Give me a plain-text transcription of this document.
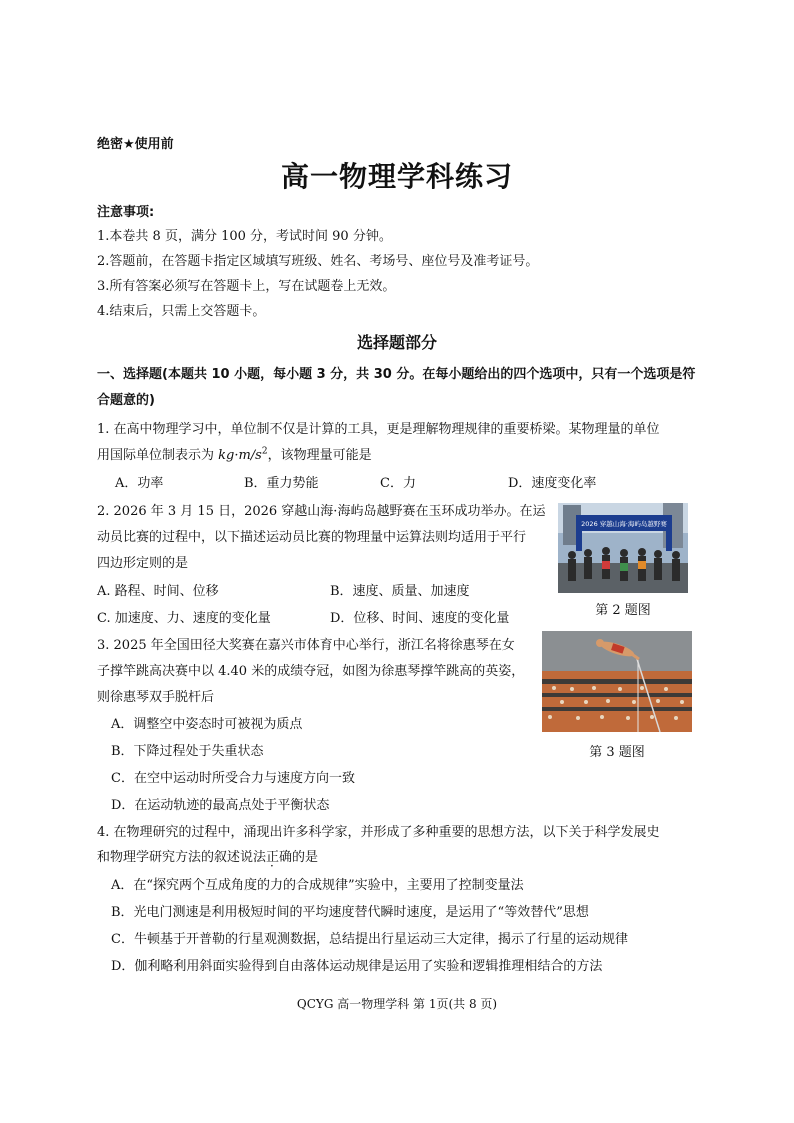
绝密★使用前
高一物理学科练习
注意事项:
1.本卷共 8 页，满分 100 分，考试时间 90 分钟。
2.答题前，在答题卡指定区域填写班级、姓名、考场号、座位号及准考证号。
3.所有答案必须写在答题卡上，写在试题卷上无效。
4.结束后，只需上交答题卡。
选择题部分
一、选择题(本题共 10 小题，每小题 3 分，共 30 分。在每小题给出的四个选项中，只有一个选项是符合题意的)
1. 在高中物理学习中，单位制不仅是计算的工具，更是理解物理规律的重要桥梁。某物理量的单位
用国际单位制表示为 $kg\cdot m/s^2$，该物理量可能是
A．功率	B．重力势能	C．力	D．速度变化率
2. 2026 年 3 月 15 日，2026 穿越山海·海屿岛越野赛在玉环成功举办。在运
动员比赛的过程中，以下描述运动员比赛的物理量中运算法则均适用于平行
四边形定则的是
A. 路程、时间、位移	B．速度、质量、加速度
C. 加速度、力、速度的变化量	D．位移、时间、速度的变化量
2026 穿越山海·海屿岛越野赛
第 2 题图
3. 2025 年全国田径大奖赛在嘉兴市体育中心举行，浙江名将徐惠琴在女
子撑竿跳高决赛中以 4.40 米的成绩夺冠，如图为徐惠琴撑竿跳高的英姿，
则徐惠琴双手脱杆后
A．调整空中姿态时可被视为质点
B．下降过程处于失重状态
C．在空中运动时所受合力与速度方向一致
D．在运动轨迹的最高点处于平衡状态
第 3 题图
4. 在物理研究的过程中，涌现出许多科学家，并形成了多种重要的思想方法，以下关于科学发展史
和物理学研究方法的叙述说法正确的是
A．在“探究两个互成角度的力的合成规律”实验中，主要用了控制变量法
B．光电门测速是利用极短时间的平均速度替代瞬时速度，是运用了“等效替代”思想
C．牛顿基于开普勒的行星观测数据，总结提出行星运动三大定律，揭示了行星的运动规律
D．伽利略利用斜面实验得到自由落体运动规律是运用了实验和逻辑推理相结合的方法
QCYG 高一物理学科 第 1页(共 8 页)
